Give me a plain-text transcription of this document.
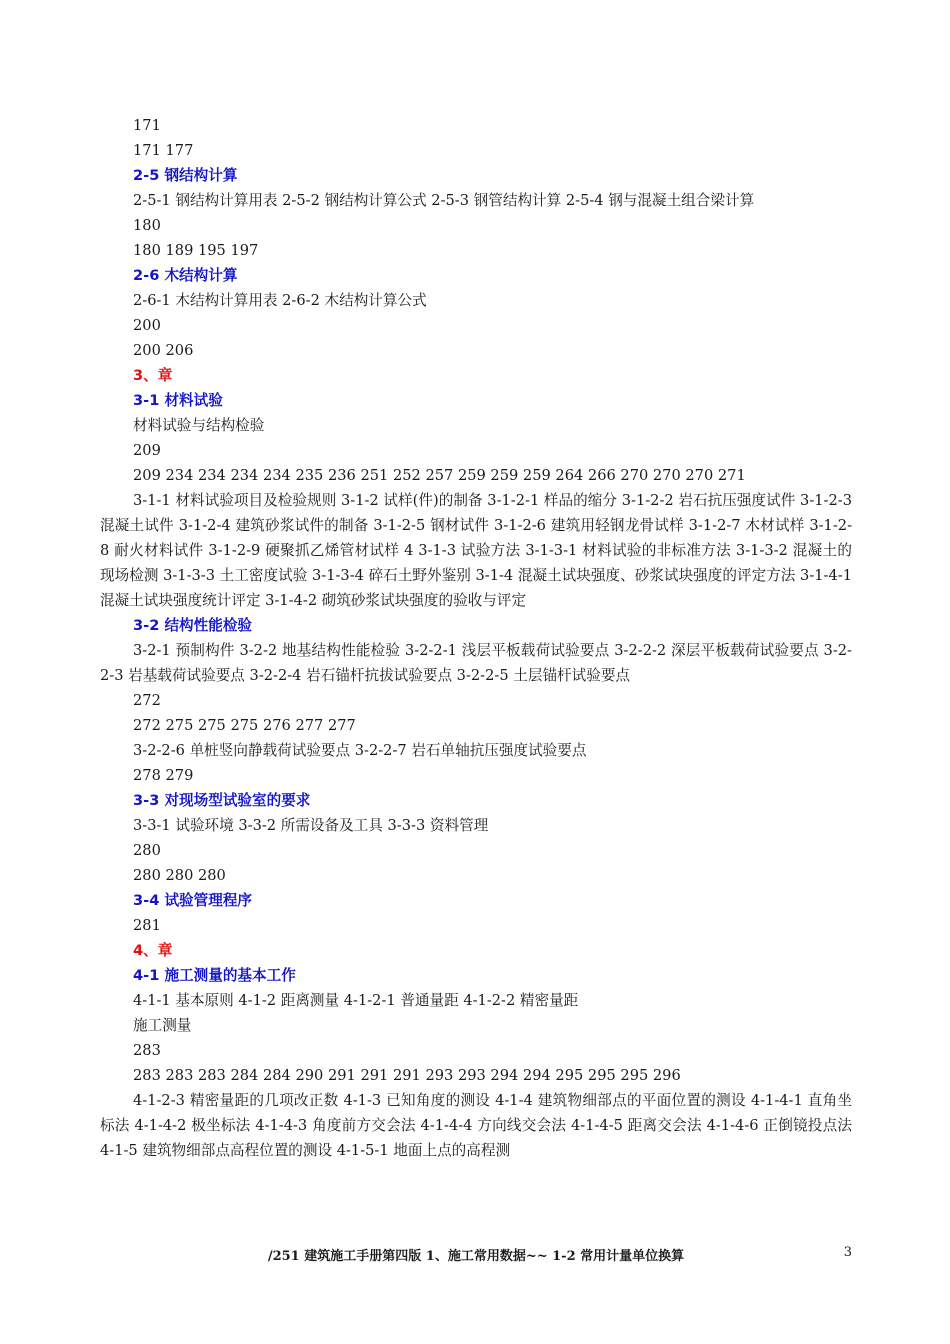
171

171 177

2-5 钢结构计算

2-5-1 钢结构计算用表 2-5-2 钢结构计算公式 2-5-3 钢管结构计算 2-5-4 钢与混凝土组合梁计算

180

180 189 195 197

2-6 木结构计算

2-6-1 木结构计算用表 2-6-2 木结构计算公式

200

200 206

3、章

3-1 材料试验

材料试验与结构检验

209

209 234 234 234 234 235 236 251 252 257 259 259 259 264 266 270 270 270 271

3-1-1 材料试验项目及检验规则 3-1-2 试样(件)的制备 3-1-2-1 样品的缩分 3-1-2-2 岩石抗压强度试件 3-1-2-3 混凝土试件 3-1-2-4 建筑砂浆试件的制备 3-1-2-5 钢材试件 3-1-2-6 建筑用轻钢龙骨试样 3-1-2-7 木材试样 3-1-2-8 耐火材料试件 3-1-2-9 硬聚抓乙烯管材试样 4 3-1-3 试验方法 3-1-3-1 材料试验的非标准方法 3-1-3-2 混凝土的现场检测 3-1-3-3 土工密度试验 3-1-3-4 碎石土野外鉴别 3-1-4 混凝土试块强度、砂浆试块强度的评定方法 3-1-4-1 混凝土试块强度统计评定 3-1-4-2 砌筑砂浆试块强度的验收与评定

3-2 结构性能检验

3-2-1 预制构件 3-2-2 地基结构性能检验 3-2-2-1 浅层平板载荷试验要点 3-2-2-2 深层平板载荷试验要点 3-2-2-3 岩基载荷试验要点 3-2-2-4 岩石锚杆抗拔试验要点 3-2-2-5 土层锚杆试验要点

272

272 275 275 275 276 277 277

3-2-2-6 单桩竖向静载荷试验要点 3-2-2-7 岩石单轴抗压强度试验要点

278 279

3-3 对现场型试验室的要求

3-3-1 试验环境 3-3-2 所需设备及工具 3-3-3 资料管理

280

280 280 280

3-4 试验管理程序

281

4、章

4-1 施工测量的基本工作

4-1-1 基本原则 4-1-2 距离测量 4-1-2-1 普通量距 4-1-2-2 精密量距

施工测量

283

283 283 283 284 284 290 291 291 291 293 293 294 294 295 295 295 296

4-1-2-3 精密量距的几项改正数 4-1-3 已知角度的测设 4-1-4 建筑物细部点的平面位置的测设 4-1-4-1 直角坐标法 4-1-4-2 极坐标法 4-1-4-3 角度前方交会法 4-1-4-4 方向线交会法 4-1-4-5 距离交会法 4-1-4-6 正倒镜投点法 4-1-5 建筑物细部点高程位置的测设 4-1-5-1 地面上点的高程测

/251 建筑施工手册第四版 1、施工常用数据~~ 1-2 常用计量单位换算	3
